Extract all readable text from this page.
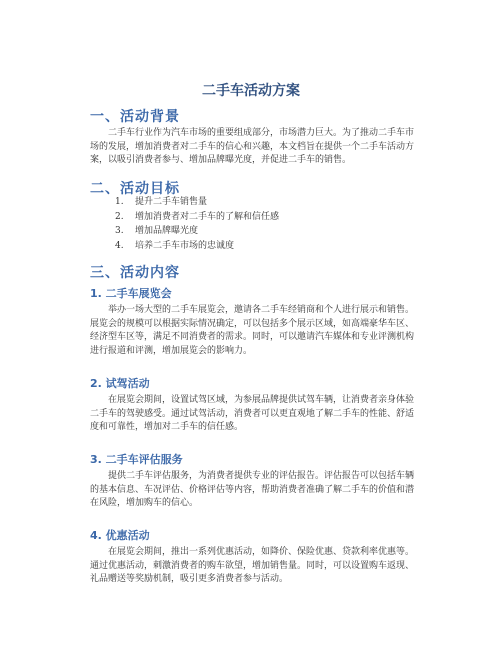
二手车活动方案
一、活动背景

二手车行业作为汽车市场的重要组成部分，市场潜力巨大。为了推动二手车市场的发展，增加消费者对二手车的信心和兴趣，本文档旨在提供一个二手车活动方案，以吸引消费者参与、增加品牌曝光度，并促进二手车的销售。

二、活动目标
1. 提升二手车销售量
2. 增加消费者对二手车的了解和信任感
3. 增加品牌曝光度
4. 培养二手车市场的忠诚度
三、活动内容
1. 二手车展览会

举办一场大型的二手车展览会，邀请各二手车经销商和个人进行展示和销售。展览会的规模可以根据实际情况确定，可以包括多个展示区域，如高端豪华车区、经济型车区等，满足不同消费者的需求。同时，可以邀请汽车媒体和专业评测机构进行报道和评测，增加展览会的影响力。

2. 试驾活动

在展览会期间，设置试驾区域，为参展品牌提供试驾车辆，让消费者亲身体验二手车的驾驶感受。通过试驾活动，消费者可以更直观地了解二手车的性能、舒适度和可靠性，增加对二手车的信任感。

3. 二手车评估服务

提供二手车评估服务，为消费者提供专业的评估报告。评估报告可以包括车辆的基本信息、车况评估、价格评估等内容，帮助消费者准确了解二手车的价值和潜在风险，增加购车的信心。

4. 优惠活动

在展览会期间，推出一系列优惠活动，如降价、保险优惠、贷款利率优惠等。通过优惠活动，刺激消费者的购车欲望，增加销售量。同时，可以设置购车返现、礼品赠送等奖励机制，吸引更多消费者参与活动。
